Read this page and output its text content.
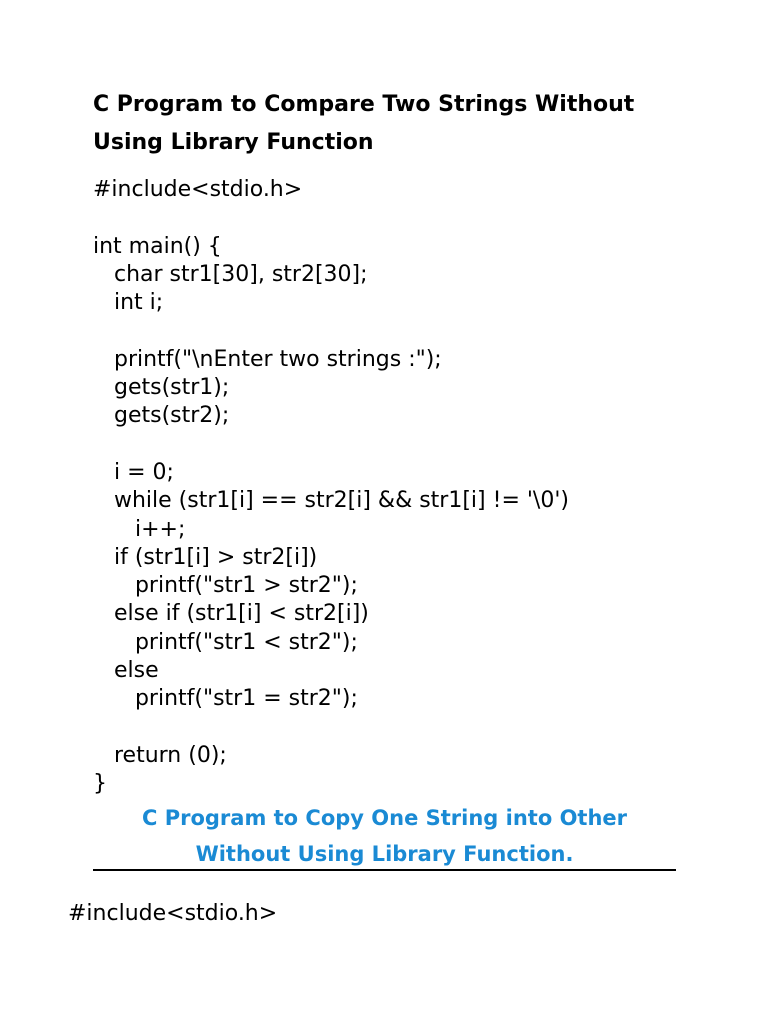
C Program to Compare Two Strings Without
Using Library Function
#include<stdio.h>
int main() {
char str1[30], str2[30];
int i;
printf("\nEnter two strings :");
gets(str1);
gets(str2);
i = 0;
while (str1[i] == str2[i] && str1[i] != '\0')
i++;
if (str1[i] > str2[i])
printf("str1 > str2");
else if (str1[i] < str2[i])
printf("str1 < str2");
else
printf("str1 = str2");
return (0);
}
C Program to Copy One String into Other
Without Using Library Function.
#include<stdio.h>
